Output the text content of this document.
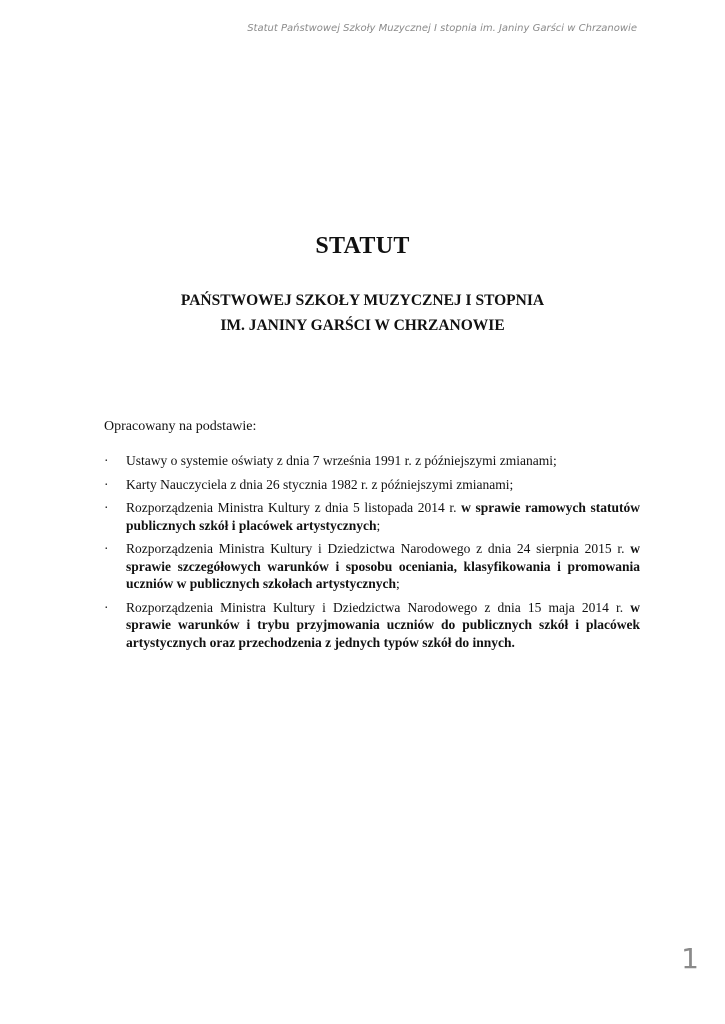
Statut Państwowej Szkoły Muzycznej I stopnia im. Janiny Garści w Chrzanowie
STATUT
PAŃSTWOWEJ SZKOŁY MUZYCZNEJ I STOPNIA
IM. JANINY GARŚCI W CHRZANOWIE
Opracowany na podstawie:
·	Ustawy o systemie oświaty z dnia 7 września 1991 r. z późniejszymi zmianami;
·	Karty Nauczyciela z dnia 26 stycznia 1982 r. z późniejszymi zmianami;
·	Rozporządzenia Ministra Kultury z dnia 5 listopada 2014 r. w sprawie ramowych statutów publicznych szkół i placówek artystycznych;
·	Rozporządzenia Ministra Kultury i Dziedzictwa Narodowego z dnia 24 sierpnia 2015 r. w sprawie szczegółowych warunków i sposobu oceniania, klasyfikowania i promowania uczniów w publicznych szkołach artystycznych;
·	Rozporządzenia Ministra Kultury i Dziedzictwa Narodowego z dnia 15 maja 2014 r. w sprawie warunków i trybu przyjmowania uczniów do publicznych szkół i placówek artystycznych oraz przechodzenia z jednych typów szkół do innych.
1
